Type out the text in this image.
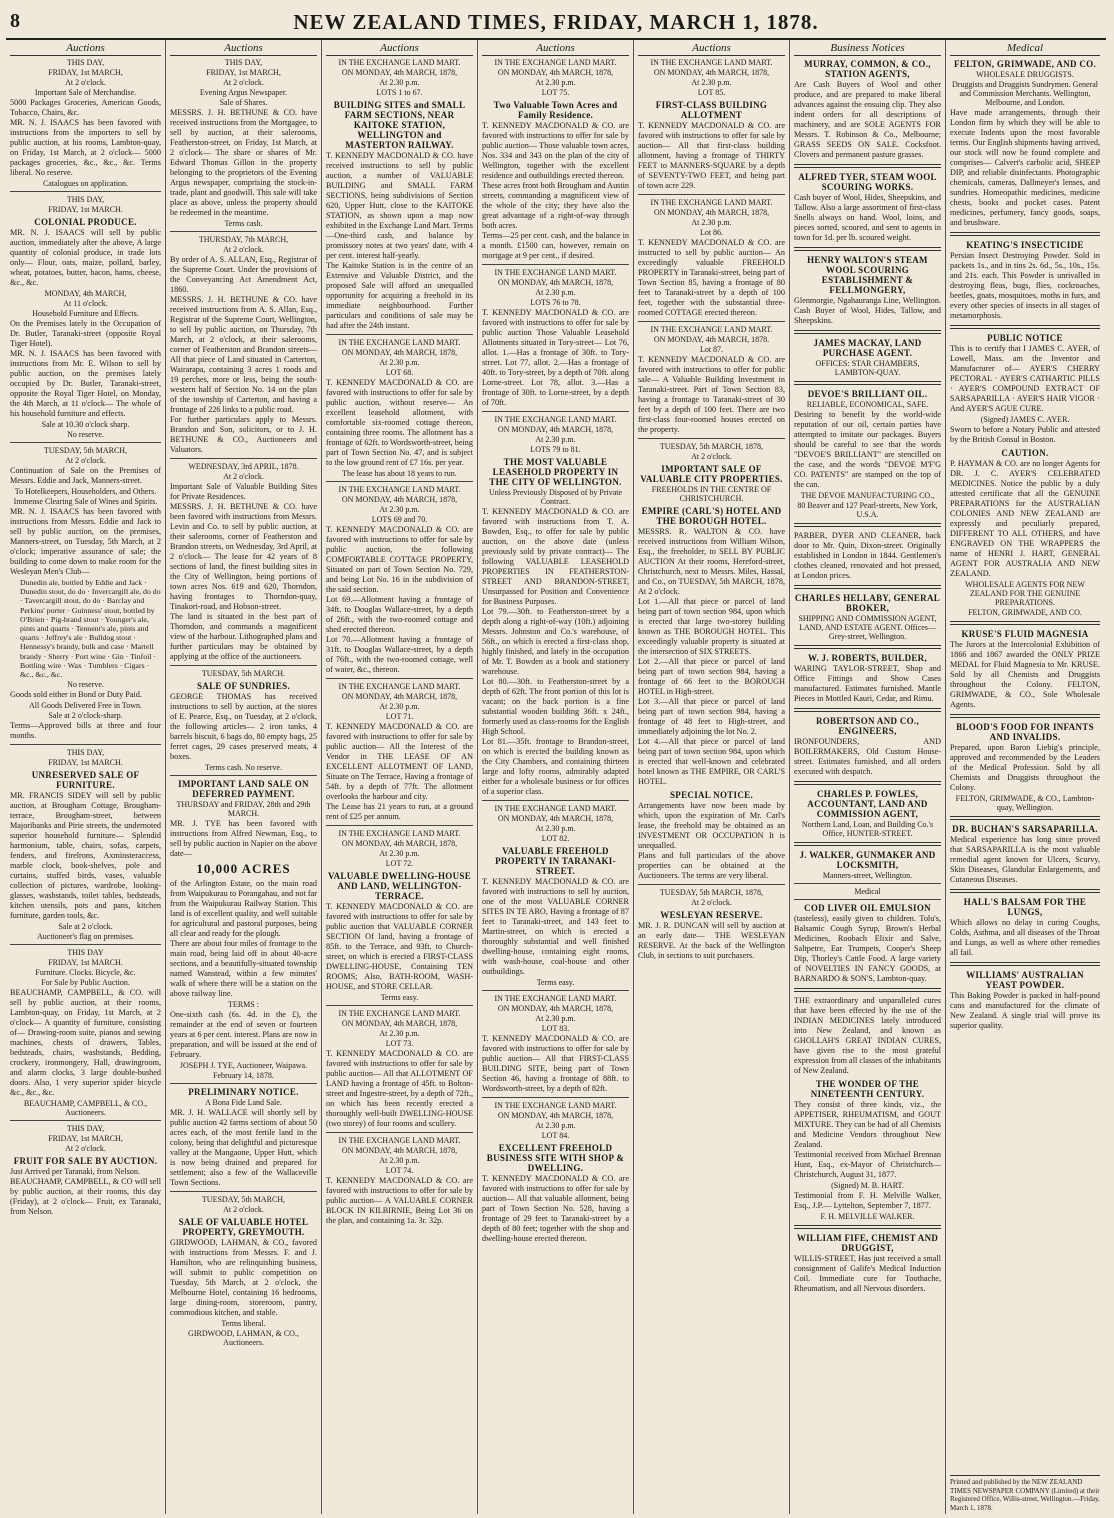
8	NEW ZEALAND TIMES, FRIDAY, MARCH 1, 1878.
Auctions
THIS DAY,
FRIDAY, 1st MARCH,
At 2 o'clock.
Important Sale of Merchandise.
5000 Packages Groceries, American Goods, Tobacco, Chairs, &c.
MR. N. J. ISAACS has been favored with instructions from the importers to sell by public auction, at his rooms, Lambton-quay, on Friday, 1st March, at 2 o'clock— 5000 packages groceries, &c., &c., &c. Terms liberal. No reserve.
Catalogues on application.
THIS DAY,
FRIDAY, 1st MARCH.
COLONIAL PRODUCE.
MR. N. J. ISAACS will sell by public auction, immediately after the above, A large quantity of colonial produce, in trade lots only— Flour, oats, maize, pollard, barley, wheat, potatoes, butter, bacon, hams, cheese, &c., &c.
MONDAY, 4th MARCH,
At 11 o'clock.
Household Furniture and Effects.
On the Premises lately in the Occupation of Dr. Butler, Taranaki-street (opposite Royal Tiger Hotel).
MR. N. J. ISAACS has been favored with instructions from Mr. E. Wilson to sell by public auction, on the premises lately occupied by Dr. Butler, Taranaki-street, opposite the Royal Tiger Hotel, on Monday, the 4th March, at 11 o'clock— The whole of his household furniture and effects.
Sale at 10.30 o'clock sharp.
No reserve.
TUESDAY, 5th MARCH,
At 2 o'clock.
Continuation of Sale on the Premises of Messrs. Eddie and Jack, Manners-street.
To Hotelkeepers, Householders, and Others.
Immense Clearing Sale of Wines and Spirits.
MR. N. J. ISAACS has been favored with instructions from Messrs. Eddie and Jack to sell by public auction, on the premises, Manners-street, on Tuesday, 5th March, at 2 o'clock; imperative assurance of sale; the building to come down to make room for the Wesleyan Men's Club—
Dunedin ale, bottled by Eddie and Jack · Dunedin stout, do do · Invercargill ale, do do · Tavercargill stout, do do · Barclay and Perkins' porter · Guinness' stout, bottled by O'Brien · Pig-brand stout · Younger's ale, pints and quarts · Tennent's ale, pints and quarts · Jeffrey's ale · Bulldog stout · Hennessy's brandy, bulk and case · Martell brandy · Sherry · Port wine · Gin · Tinfoil · Bottling wire · Wax · Tumblers · Cigars · &c., &c., &c.
No reserve.
Goods sold either in Bond or Duty Paid.
All Goods Delivered Free in Town.
Sale at 2 o'clock-sharp.
Terms—Approved bills at three and four months.
THIS DAY,
FRIDAY, 1st MARCH.
UNRESERVED SALE OF FURNITURE.
MR. FRANCIS SIDEY will sell by public auction, at Brougham Cottage, Brougham-terrace, Brougham-street, between Majoribanks and Pirie streets, the undernoted superior household furniture— Splendid harmonium, table, chairs, sofas, carpets, fenders, and firelrons, Axminsteraccess, marble clock, book-shelves, pole and curtains, stuffed birds, vases, valuable collection of pictures, wardrobe, looking-glasses, washstands, toilet tables, bedsteads, kitchen utensils, pots and pans, kitchen furniture, garden tools, &c.
Sale at 2 o'clock.
Auctioneer's flag on premises.
THIS DAY
FRIDAY, 1st MARCH.
Furniture. Clocks. Bicycle, &c.
For Sale by Public Auction.
BEAUCHAMP, CAMPBELL, & CO. will sell by public auction, at their rooms, Lambton-quay, on Friday, 1st March, at 2 o'clock— A quantity of furniture, consisting of— Drawing-room suite, pianos and sewing machines, chests of drawers, Tables, bedsteads, chairs, washstands, Bedding, crockery, ironmongery, Hall, drawingroom, and alarm clocks, 3 large double-bushed doors. Also, 1 very superior spider bicycle &c., &c., &c.
BEAUCHAMP, CAMPBELL, & CO., Auctioneers.
THIS DAY,
FRIDAY, 1st MARCH,
At 2 o'clock.
FRUIT FOR SALE BY AUCTION.
Just Arrived per Taranaki, from Nelson.
BEAUCHAMP, CAMPBELL, & CO will sell by public auction, at their rooms, this day (Friday), at 2 o'clock— Fruit, ex Taranaki, from Nelson.
Auctions
THIS DAY,
FRIDAY, 1st MARCH,
At 2 o'clock.
Evening Argus Newspaper.
Sale of Shares.
MESSRS. J. H. BETHUNE & CO. have received instructions from the Mortgagee, to sell by auction, at their salerooms, Featherston-street, on Friday, 1st March, at 2 o'clock— The share or shares of Mr. Edward Thomas Gillon in the property belonging to the proprietors of the Evening Argus newspaper, comprising the stock-in-trade, plant and goodwill. This sale will take place as above, unless the property should be redeemed in the meantime.
Terms cash.
THURSDAY, 7th MARCH,
At 2 o'clock.
By order of A. S. ALLAN, Esq., Registrar of the Supreme Court. Under the provisions of the Conveyancing Act Amendment Act, 1860.
MESSRS. J. H. BETHUNE & CO. have received instructions from A. S. Allan, Esq., Registrar of the Supreme Court, Wellington, to sell by public auction, on Thursday, 7th March, at 2 o'clock, at their salerooms, corner of Featherston and Brandon streets— All that piece of Land situated in Carterton, Wairarapa, containing 3 acres 1 roods and 19 perches, more or less, being the south-western half of Section No. 14 on the plan of the township of Carterton, and having a frontage of 226 links to a public road.
For further particulars apply to Messrs. Brandon and Son, solicitors, or to J. H. BETHUNE & CO., Auctioneers and Valuators.
WEDNESDAY, 3rd APRIL, 1878.
At 2 o'clock.
Important Sale of Valuable Building Sites for Private Residences.
MESSRS. J. H. BETHUNE & CO. have been favored with instructions from Messrs. Levin and Co. to sell by public auction, at their salerooms, corner of Featherston and Brandon streets, on Wednesday, 3rd April, at 2 o'clock— The lease for 42 years of 8 sections of land, the finest building sites in the City of Wellington, being portions of town acres Nos. 619 and 620, Thorndon, having frontages to Thorndon-quay, Tinakori-road, and Hobson-street.
The land is situated in the best part of Thorndon, and commands a magnificent view of the harbour. Lithographed plans and further particulars may be obtained by applying at the office of the auctioneers.
TUESDAY, 5th MARCH.
SALE OF SUNDRIES.
GEORGE THOMAS has received instructions to sell by auction, at the stores of E. Pearce, Esq., on Tuesday, at 2 o'clock, the following articles— 2 iron tanks, 4 barrels biscuit, 6 bags do, 80 empty bags, 25 ferret cages, 29 cases preserved meats, 4 boxes.
Terms cash. No reserve.
IMPORTANT LAND SALE ON DEFERRED PAYMENT.
THURSDAY and FRIDAY, 28th and 29th MARCH.
MR. J. TYE has been favored with instructions from Alfred Newman, Esq., to sell by public auction in Napier on the above date—
10,000 ACRES
of the Arlington Estate, on the main road from Waipukurau to Porangahau, and not far from the Waipukurau Railway Station. This land is of excellent quality, and well suitable for agricultural and pastoral purposes, being all clear and ready for the plough.
There are about four miles of frontage to the main road, being laid off in about 40-acre sections, and a beautifully-situated township named Wanstead, within a few minutes' walk of where there will be a station on the above railway line.
TERMS :
One-sixth cash (6s. 4d. in the £), the remainder at the end of seven or fourteen years at 6 per cent. interest. Plans are now in preparation, and will be issued at the end of February.
JOSEPH J. TYE, Auctioneer, Waipawa.
February 14, 1878.
PRELIMINARY NOTICE.
A Bona Fide Land Sale.
MR. J. H. WALLACE will shortly sell by public auction 42 farms sections of about 50 acres each, of the most fertile land in the colony, being that delightful and picturesque valley at the Mangaone, Upper Hutt, which is now being drained and prepared for settlement; also a few of the Wallaceville Town Sections.
TUESDAY, 5th MARCH,
At 2 o'clock.
SALE OF VALUABLE HOTEL PROPERTY, GREYMOUTH.
GIRDWOOD, LAHMAN, & CO., favored with instructions from Messrs. F. and J. Hamilton, who are relinquishing business, will submit to public competition on Tuesday, 5th March, at 2 o'clock, the Melbourne Hotel, containing 16 bedrooms, large dining-room, storeroom, pantry, commodious kitchen, and stable.
Terms liberal.
GIRDWOOD, LAHMAN, & CO., Auctioneers.
Auctions
IN THE EXCHANGE LAND MART.
ON MONDAY, 4th MARCH, 1878,
At 2.30 p.m.
LOTS 1 to 67.
BUILDING SITES and SMALL FARM SECTIONS, NEAR KAITOKE STATION, WELLINGTON and MASTERTON RAILWAY.
T. KENNEDY MACDONALD & CO. have received instructions to sell by public auction, a number of VALUABLE BUILDING and SMALL FARM SECTIONS, being subdivisions of Section 620, Upper Hutt, close to the KAITOKE STATION, as shown upon a map now exhibited in the Exchange Land Mart. Terms—One-third cash, and balance by promissory notes at two years' date, with 4 per cent. interest half-yearly.
The Kaitoke Station is in the centre of an Extensive and Valuable District, and the proposed Sale will afford an unequalled opportunity for acquiring a freehold in its immediate neighbourhood. Further particulars and conditions of sale may be had after the 24th instant.
IN THE EXCHANGE LAND MART.
ON MONDAY, 4th MARCH, 1878,
At 2.30 p.m.
LOT 68.
T. KENNEDY MACDONALD & CO. are favored with instructions to offer for sale by public auction, without reserve— An excellent leasehold allotment, with comfortable six-roomed cottage thereon, containing three rooms. The allotment has a frontage of 62ft. to Wordsworth-street, being part of Town Section No. 47, and is subject to the low ground rent of £7 16s. per year.
The lease has about 18 years to run.
IN THE EXCHANGE LAND MART.
ON MONDAY, 4th MARCH, 1878,
At 2.30 p.m.
LOTS 69 and 70.
T. KENNEDY MACDONALD & CO. are favored with instructions to offer for sale by public auction, the following COMFORTABLE COTTAGE PROPERTY, Situated on part of Town Section No. 729, and being Lot No. 16 in the subdivision of the said section.
Lot 69.—Allotment having a frontage of 34ft. to Douglas Wallace-street, by a depth of 26ft., with the two-roomed cottage and shed erected thereon.
Lot 70.—Allotment having a frontage of 31ft. to Douglas Wallace-street, by a depth of 76ft., with the two-roomed cottage, well of water, &c., thereon.
IN THE EXCHANGE LAND MART.
ON MONDAY, 4th MARCH, 1878,
At 2.30 p.m.
LOT 71.
T. KENNEDY MACDONALD & CO. are favored with instructions to offer for sale by public auction— All the Interest of the Vendor in THE LEASE OF AN EXCELLENT ALLOTMENT OF LAND, Situate on The Terrace, Having a frontage of 54ft. by a depth of 77ft. The allotment overlooks the harbour and city.
The Lease has 21 years to run, at a ground rent of £25 per annum.
IN THE EXCHANGE LAND MART.
ON MONDAY, 4th MARCH, 1878,
At 2.30 p.m.
LOT 72.
VALUABLE DWELLING-HOUSE AND LAND, WELLINGTON-TERRACE.
T. KENNEDY MACDONALD & CO. are favored with instructions to offer for sale by public auction that VALUABLE CORNER SECTION Of land, having a frontage of 85ft. to the Terrace, and 93ft. to Church-street, on which is erected a FIRST-CLASS DWELLING-HOUSE, Containing TEN ROOMS; Also, BATH-ROOM, WASH-HOUSE, and STORE CELLAR.
Terms easy.
IN THE EXCHANGE LAND MART.
ON MONDAY, 4th MARCH, 1878,
At 2.30 p.m.
LOT 73.
T. KENNEDY MACDONALD & CO. are favored with instructions to offer for sale by public auction— All that ALLOTMENT OF LAND having a frontage of 45ft. to Bolton-street and Ingestre-street, by a depth of 72ft., on which has been recently erected a thoroughly well-built DWELLING-HOUSE (two storey) of four rooms and scullery.
IN THE EXCHANGE LAND MART.
ON MONDAY, 4th MARCH, 1878,
At 2.30 p.m.
LOT 74.
T. KENNEDY MACDONALD & CO. are favored with instructions to offer for sale by public auction— A VALUABLE CORNER BLOCK IN KILBIRNIE, Being Lot 36 on the plan, and containing 1a. 3r. 32p.
Auctions
IN THE EXCHANGE LAND MART.
ON MONDAY, 4th MARCH, 1878,
At 2.30 p.m.
LOT 75.
Two Valuable Town Acres and Family Residence.
T. KENNEDY MACDONALD & CO. are favored with instructions to offer for sale by public auction— Those valuable town acres, Nos. 334 and 343 on the plan of the city of Wellington, together with the excellent residence and outbuildings erected thereon.
These acres front both Brougham and Austin streets, commanding a magnificent view of the whole of the city; they have also the great advantage of a right-of-way through both acres.
Terms—25 per cent. cash, and the balance in a month. £1500 can, however, remain on mortgage at 9 per cent., if desired.
IN THE EXCHANGE LAND MART.
ON MONDAY, 4th MARCH, 1878,
At 2.30 p.m.
LOTS 76 to 78.
T. KENNEDY MACDONALD & CO. are favored with instructions to offer for sale by public auction Those Valuable Leasehold Allotments situated in Tory-street— Lot 76, allot. 1.—Has a frontage of 30ft. to Tory-street. Lot 77, allot. 2.—Has a frontage of 40ft. to Tory-street, by a depth of 70ft. along Lorne-street. Lot 78, allot. 3.—Has a frontage of 30ft. to Lorne-street, by a depth of 70ft.
IN THE EXCHANGE LAND MART.
ON MONDAY, 4th MARCH, 1878,
At 2.30 p.m.
LOTS 79 to 81.
THE MOST VALUABLE LEASEHOLD PROPERTY IN THE CITY OF WELLINGTON.
Unless Previously Disposed of by Private Contract.
T. KENNEDY MACDONALD & CO. are favored with instructions from T. A. Bowden, Esq., to offer for sale by public auction, on the above date (unless previously sold by private contract)— The following VALUABLE LEASEHOLD PROPERTIES IN FEATHERSTON-STREET AND BRANDON-STREET, Unsurpassed for Position and Convenience for Business Purposes.
Lot 79.—30ft. to Featherston-street by a depth along a right-of-way (10ft.) adjoining Messrs. Johnston and Co.'s warehouse, of 56ft., on which is erected a first-class shop, highly finished, and lately in the occupation of Mr. T. Bowden as a book and stationery warehouse.
Lot 80.—30ft. to Featherston-street by a depth of 62ft. The front portion of this lot is vacant; on the back portion is a fine substantial wooden building 36ft. x 24ft., formerly used as class-rooms for the English High School.
Lot 81.—35ft. frontage to Brandon-street, on which is erected the building known as the City Chambers, and containing thirteen large and lofty rooms, admirably adapted either for a wholesale business or for offices of a superior class.
IN THE EXCHANGE LAND MART.
ON MONDAY, 4th MARCH, 1878,
At 2.30 p.m.
LOT 82.
VALUABLE FREEHOLD PROPERTY IN TARANAKI-STREET.
T. KENNEDY MACDONALD & CO. are favored with instructions to sell by auction, one of the most VALUABLE CORNER SITES IN TE ARO, Having a frontage of 87 feet to Taranaki-street, and 143 feet to Martin-street, on which is erected a thoroughly substantial and well finished dwelling-house, containing eight rooms, with wash-house, coal-house and other outbuildings.
Terms easy.
IN THE EXCHANGE LAND MART.
ON MONDAY, 4th MARCH, 1878,
At 2.30 p.m.
LOT 83.
T. KENNEDY MACDONALD & CO. are favored with instructions to offer for sale by public auction— All that FIRST-CLASS BUILDING SITE, being part of Town Section 46, having a frontage of 88ft. to Wordsworth-street, by a depth of 82ft.
IN THE EXCHANGE LAND MART.
ON MONDAY, 4th MARCH, 1878,
At 2.30 p.m.
LOT 84.
EXCELLENT FREEHOLD BUSINESS SITE WITH SHOP & DWELLING.
T. KENNEDY MACDONALD & CO. are favored with instructions to offer for sale by auction— All that valuable allotment, being part of Town Section No. 528, having a frontage of 29 feet to Taranaki-street by a depth of 80 feet; together with the shop and dwelling-house erected thereon.
Auctions
IN THE EXCHANGE LAND MART.
ON MONDAY, 4th MARCH, 1878,
At 2.30 p.m.
LOT 85.
FIRST-CLASS BUILDING ALLOTMENT
T. KENNEDY MACDONALD & CO. are favored with instructions to offer for sale by auction— All that first-class building allotment, having a frontage of THIRTY FEET to MANNERS-SQUARE by a depth of SEVENTY-TWO FEET, and being part of town acre 229.
IN THE EXCHANGE LAND MART.
ON MONDAY, 4th MARCH, 1878,
At 2.30 p.m.
Lot 86.
T. KENNEDY MACDONALD & CO. are instructed to sell by public auction— An exceedingly valuable FREEHOLD PROPERTY in Taranaki-street, being part of Town Section 85, having a frontage of 80 feet to Taranaki-street by a depth of 100 feet, together with the substantial three-roomed COTTAGE erected thereon.
IN THE EXCHANGE LAND MART.
ON MONDAY, 4th MARCH, 1878.
Lot 87.
T. KENNEDY MACDONALD & CO. are favored with instructions to offer for public sale— A Valuable Building Investment in Taranaki-street. Part of Town Section 83, having a frontage to Taranaki-street of 30 feet by a depth of 100 feet. There are two first-class four-roomed houses erected on the property.
TUESDAY, 5th MARCH, 1878,
At 2 o'clock.
IMPORTANT SALE OF VALUABLE CITY PROPERTIES.
FREEHOLDS IN THE CENTRE OF CHRISTCHURCH.
EMPIRE (CARL'S) HOTEL AND THE BOROUGH HOTEL.
MESSRS. R. WALTON & CO. have received instructions from William Wilson, Esq., the freeholder, to SELL BY PUBLIC AUCTION At their rooms, Hereford-street, Christchurch, next to Messrs. Miles, Hassal, and Co., on TUESDAY, 5th MARCH, 1878, At 2 o'clock.
Lot 1.—All that piece or parcel of land being part of town section 984, upon which is erected that large two-storey building known as THE BOROUGH HOTEL. This exceedingly valuable property is situated at the intersection of SIX STREETS.
Lot 2.—All that piece or parcel of land being part of town section 984, having a frontage of 66 feet to the BOROUGH HOTEL in High-street.
Lot 3.—All that piece or parcel of land being part of town section 984, having a frontage of 48 feet to High-street, and immediately adjoining the lot No. 2.
Lot 4.—All that piece or parcel of land being part of town section 984, upon which is erected that well-known and celebrated hotel known as THE EMPIRE, OR CARL'S HOTEL.
SPECIAL NOTICE.
Arrangements have now been made by which, upon the expiration of Mr. Carl's lease, the freehold may be obtained as an INVESTMENT OR OCCUPATION It is unequalled.
Plans and full particulars of the above properties can be obtained at the Auctioneers. The terms are very liberal.
TUESDAY, 5th MARCH, 1878,
At 2 o'clock.
WESLEYAN RESERVE.
MR. J. R. DUNCAN will sell by auction at an early date— THE WESLEYAN RESERVE. At the back of the Wellington Club, in sections to suit purchasers.
Business Notices
MURRAY, COMMON, & CO., STATION AGENTS,
Are Cash Buyers of Wool and other produce, and are prepared to make liberal advances against the ensuing clip. They also indent orders for all descriptions of machinery, and are SOLE AGENTS FOR Messrs. T. Robinson & Co., Melbourne; GRASS SEEDS ON SALE. Cocksfoot. Clovers and permanent pasture grasses.
ALFRED TYER, STEAM WOOL SCOURING WORKS.
Cash buyer of Wool, Hides, Sheepskins, and Tallow. Also a large assortment of first-class Snells always on hand. Wool, loins, and pieces sorted, scoured, and sent to agents in town for 1d. per lb. scoured weight.
HENRY WALTON'S STEAM WOOL SCOURING ESTABLISHMENT & FELLMONGERY,
Glenmorgie, Ngahauranga Line, Wellington. Cash Buyer of Wool, Hides, Tallow, and Sheepskins.
JAMES MACKAY, LAND PURCHASE AGENT.
OFFICES: STAR CHAMBERS, LAMBTON-QUAY.
DEVOE'S BRILLIANT OIL.
RELIABLE, ECONOMICAL, SAFE.
Desiring to benefit by the world-wide reputation of our oil, certain parties have attempted to imitate our packages. Buyers should be careful to see that the words "DEVOE'S BRILLIANT" are stencilled on the case, and the words "DEVOE M'F'G CO. PATENTS" are stamped on the top of the can.
THE DEVOE MANUFACTURING CO.,
80 Beaver and 127 Pearl-streets, New York, U.S.A.
PARBER, DYER AND CLEANER, back door to Mr. Quin, Dixon-street. Originally established in London in 1844. Gentlemen's clothes cleaned, renovated and hot pressed, at London prices.
CHARLES HELLABY, GENERAL BROKER,
SHIPPING AND COMMISSION AGENT, LAND, AND ESTATE AGENT. Offices—Grey-street, Wellington.
W. J. ROBERTS, BUILDER,
WARING TAYLOR-STREET, Shop and Office Fittings and Show Cases manufactured. Estimates furnished. Mantle Pieces in Mottled Kauri, Cedar, and Rimu.
ROBERTSON AND CO., ENGINEERS,
IRONFOUNDERS, AND BOILERMAKERS, Old Custom House-street. Estimates furnished, and all orders executed with despatch.
CHARLES P. FOWLES, ACCOUNTANT, LAND AND COMMISSION AGENT,
Northern Land, Loan, and Building Co.'s Office, HUNTER-STREET.
J. WALKER, GUNMAKER AND LOCKSMITH,
Manners-street, Wellington.
Medical
COD LIVER OIL EMULSION
(tasteless), easily given to children. Tolu's, Balsamic Cough Syrup, Brown's Herbal Medicines, Roobach Elixir and Salve, Saltpetre, Ear Trumpets, Cooper's Sheep Dip, Thorley's Cattle Food. A large variety of NOVELTIES IN FANCY GOODS, at BARNARDO & SON'S, Lambton-quay.
THE extraordinary and unparalleled cures that have been effected by the use of the INDIAN MEDICINES lately introduced into New Zealand, and known as GHOLLAH'S GREAT INDIAN CURES, have given rise to the most grateful expression from all classes of the inhabitants of New Zealand.
THE WONDER OF THE NINETEENTH CENTURY.
They consist of three kinds, viz., the APPETISER, RHEUMATISM, and GOUT MIXTURE. They can be had of all Chemists and Medicine Vendors throughout New Zealand.
Testimonial received from Michael Brennan Hunt, Esq., ex-Mayor of Christchurch— Christchurch, August 31, 1877.
(Signed) M. B. HART.
Testimonial from F. H. Melville Walker, Esq., J.P.— Lyttelton, September 7, 1877.
F. H. MELVILLE WALKER.
WILLIAM FIFE, CHEMIST AND DRUGGIST,
WILLIS-STREET, Has just received a small consignment of Galife's Medical Induction Coil. Immediate cure for Toothache, Rheumatism, and all Nervous disorders.
Medical
FELTON, GRIMWADE, AND CO.
WHOLESALE DRUGGISTS.
Druggists and Druggists Sundrymen. General and Commission Merchants. Wellington, Melbourne, and London.
Have made arrangements, through their London firm by which they will be able to execute Indents upon the most favorable terms. Our English shipments having arrived, our stock will now be found complete and comprises— Calvert's carbolic acid, SHEEP DIP, and reliable disinfectants. Photographic chemicals, cameras, Dallmeyer's lenses, and sundries. Homeopathic medicines, medicine chests, books and pocket cases. Patent medicines, perfumery, fancy goods, soaps, and brushware.
KEATING'S INSECTICIDE
Persian Insect Destroying Powder. Sold in packets 1s., and in tins 2s. 6d., 5s., 10s., 15s. and 21s. each. This Powder is unrivalled in destroying fleas, bugs, flies, cockroaches, beetles, gnats, mosquitoes, moths in furs, and every other species of insects in all stages of metamorphosis.
PUBLIC NOTICE
This is to certify that I JAMES C. AYER, of Lowell, Mass. am the Inventor and Manufacturer of— AYER'S CHERRY PECTORAL · AYER'S CATHARTIC PILLS · AYER'S COMPOUND EXTRACT OF SARSAPARILLA · AYER'S HAIR VIGOR · And AYER'S AGUE CURE.
(Signed) JAMES C. AYER.
Sworn to before a Notary Public and attested by the British Consul in Boston.
CAUTION.
P. HAYMAN & CO. are no longer Agents for DR. J. C. AYER'S CELEBRATED MEDICINES. Notice the public by a duly attested certificate that all the GENUINE PREPARATIONS for the AUSTRALIAN COLONIES AND NEW ZEALAND are expressly and peculiarly prepared, DIFFERENT TO ALL OTHERS, and have ENGRAVED ON THE WRAPPERS the name of HENRI J. HART, GENERAL AGENT FOR AUSTRALIA AND NEW ZEALAND.
WHOLESALE AGENTS FOR NEW ZEALAND FOR THE GENUINE PREPARATIONS.
FELTON, GRIMWADE, AND CO.
KRUSE'S FLUID MAGNESIA
The Jurors at the Intercolonial Exhibition of 1866 and 1867 awarded the ONLY PRIZE MEDAL for Fluid Magnesia to Mr. KRUSE. Sold by all Chemists and Druggists throughout the Colony. FELTON, GRIMWADE, & CO., Sole Wholesale Agents.
BLOOD'S FOOD FOR INFANTS AND INVALIDS.
Prepared, upon Baron Liebig's principle, approved and recommended by the Leaders of the Medical Profession. Sold by all Chemists and Druggists throughout the Colony.
FELTON, GRIMWADE, & CO., Lambton-quay, Wellington.
DR. BUCHAN'S SARSAPARILLA.
Medical experience has long since proved that SARSAPARILLA is the most valuable remedial agent known for Ulcers, Scurvy, Skin Diseases, Glandular Enlargements, and Cutaneous Diseases.
HALL'S BALSAM FOR THE LUNGS,
Which allows no delay in curing Coughs, Colds, Asthma, and all diseases of the Throat and Lungs, as well as where other remedies all fail.
WILLIAMS' AUSTRALIAN YEAST POWDER.
This Baking Powder is packed in half-pound cans and manufactured for the climate of New Zealand. A single trial will prove its superior quality.
Printed and published by the NEW ZEALAND TIMES NEWSPAPER COMPANY (Limited) at their Registered Office, Willis-street, Wellington.—Friday, March 1, 1878.
